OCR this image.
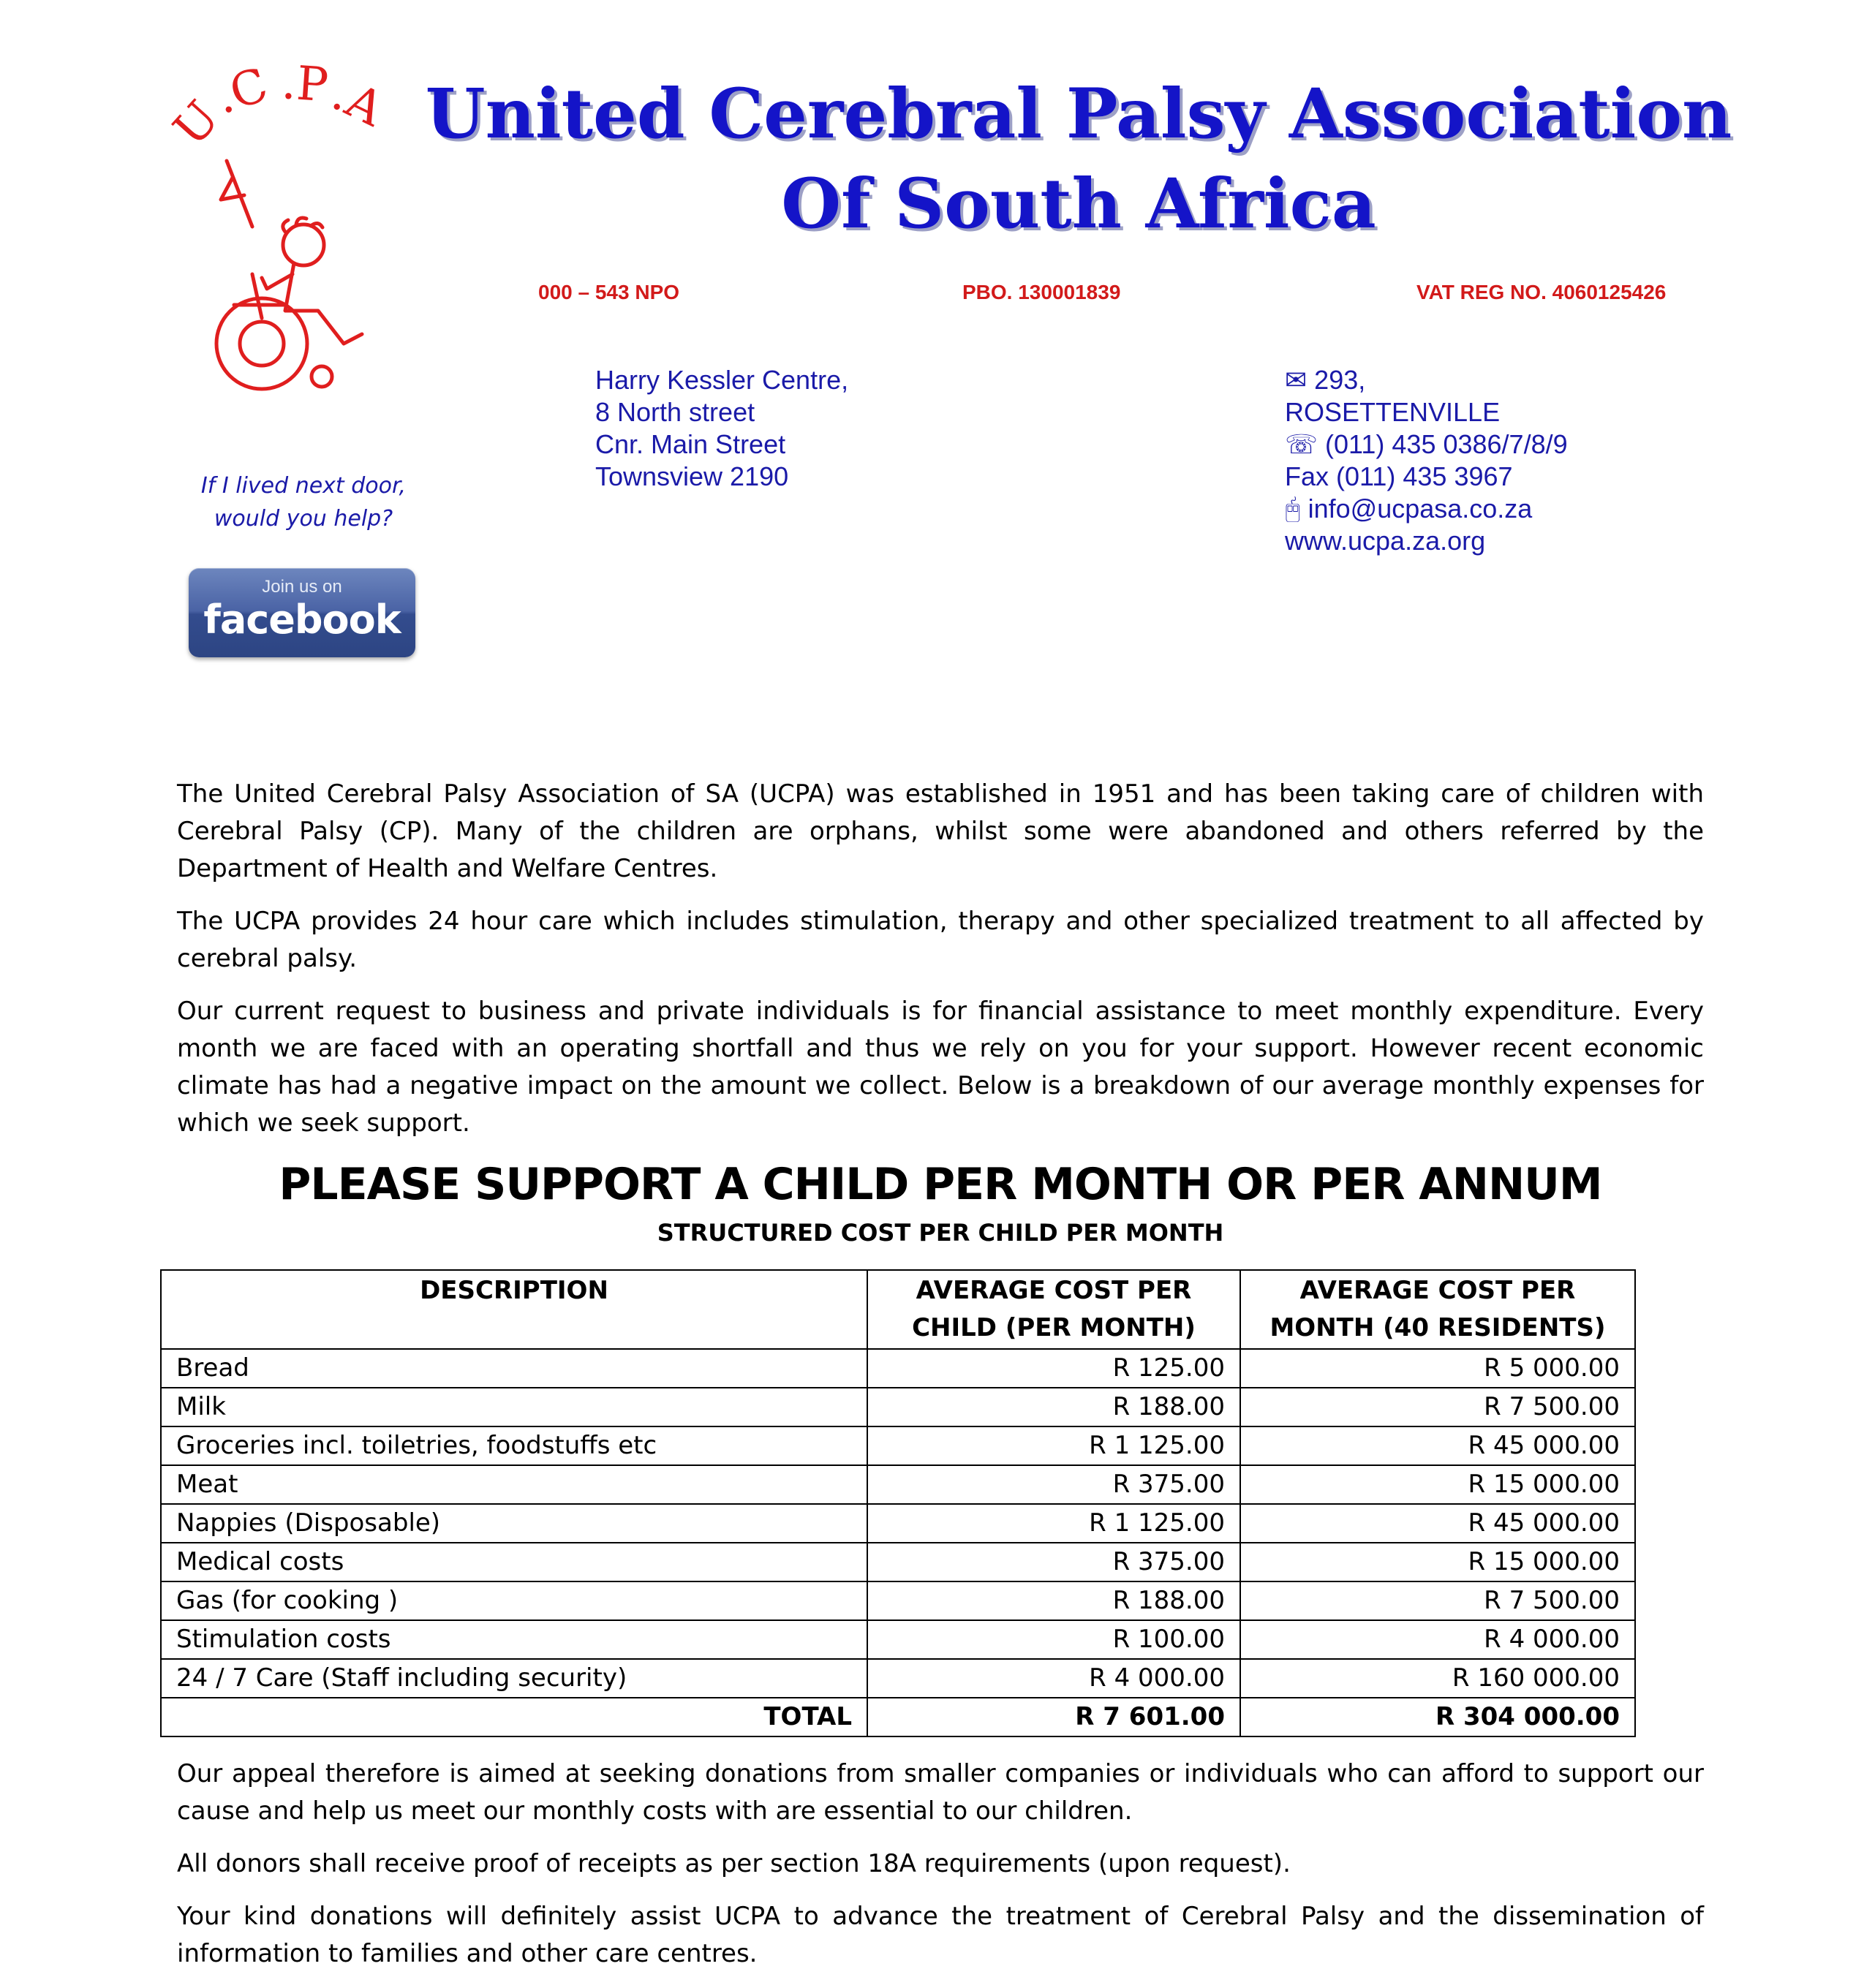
U.C.P.A
U
.C .P
.A
If I lived next door,
would you help?
Join us on
facebook
United Cerebral Palsy Association
Of South Africa
000 – 543 NPO	PBO. 130001839	VAT REG NO. 4060125426
Harry Kessler Centre,
8 North street
Cnr. Main Street
Townsview 2190
✉ 293,
ROSETTENVILLE
☏ (011) 435 0386/7/8/9
Fax (011) 435 3967
🖰 info@ucpasa.co.za
www.ucpa.za.org

The United Cerebral Palsy Association of SA (UCPA) was established in 1951 and has been taking care of children with Cerebral Palsy (CP). Many of the children are orphans, whilst some were abandoned and others referred by the Department of Health and Welfare Centres.

The UCPA provides 24 hour care which includes stimulation, therapy and other specialized treatment to all affected by cerebral palsy.

Our current request to business and private individuals is for financial assistance to meet monthly expenditure. Every month we are faced with an operating shortfall and thus we rely on you for your support. However recent economic climate has had a negative impact on the amount we collect. Below is a breakdown of our average monthly expenses for which we seek support.

PLEASE SUPPORT A CHILD PER MONTH OR PER ANNUM
STRUCTURED COST PER CHILD PER MONTH
DESCRIPTION	AVERAGE COST PER CHILD (PER MONTH)	AVERAGE COST PER MONTH (40 RESIDENTS)
Bread	R 125.00	R 5 000.00
Milk	R 188.00	R 7 500.00
Groceries incl. toiletries, foodstuffs etc	R 1 125.00	R 45 000.00
Meat	R 375.00	R 15 000.00
Nappies (Disposable)	R 1 125.00	R 45 000.00
Medical costs	R 375.00	R 15 000.00
Gas (for cooking )	R 188.00	R 7 500.00
Stimulation costs	R 100.00	R 4 000.00
24 / 7 Care (Staff including security)	R 4 000.00	R 160 000.00
TOTAL	R 7 601.00	R 304 000.00

Our appeal therefore is aimed at seeking donations from smaller companies or individuals who can afford to support our cause and help us meet our monthly costs with are essential to our children.

All donors shall receive proof of receipts as per section 18A requirements (upon request).

Your kind donations will definitely assist UCPA to advance the treatment of Cerebral Palsy and the dissemination of information to families and other care centres.
